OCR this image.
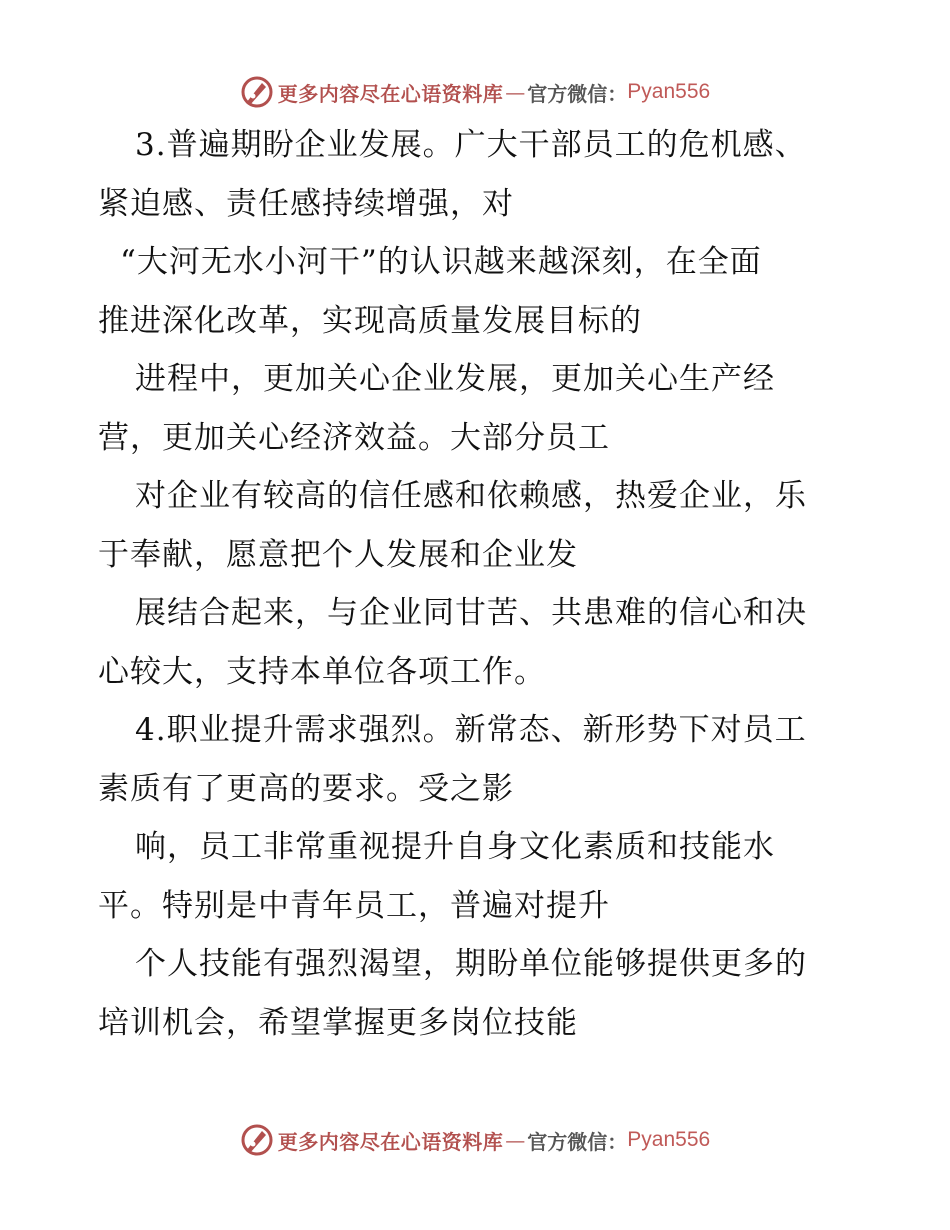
更多内容尽在心语资料库 — 官方微信： Pyan556
3.普遍期盼企业发展。广大干部员工的危机感、
紧迫感、责任感持续增强，对
“大河无水小河干”的认识越来越深刻，在全面
推进深化改革，实现高质量发展目标的
进程中，更加关心企业发展，更加关心生产经
营，更加关心经济效益。大部分员工
对企业有较高的信任感和依赖感，热爱企业，乐
于奉献，愿意把个人发展和企业发
展结合起来，与企业同甘苦、共患难的信心和决
心较大，支持本单位各项工作。
4.职业提升需求强烈。新常态、新形势下对员工
素质有了更高的要求。受之影
响，员工非常重视提升自身文化素质和技能水
平。特别是中青年员工，普遍对提升
个人技能有强烈渴望，期盼单位能够提供更多的
培训机会，希望掌握更多岗位技能
更多内容尽在心语资料库 — 官方微信： Pyan556
